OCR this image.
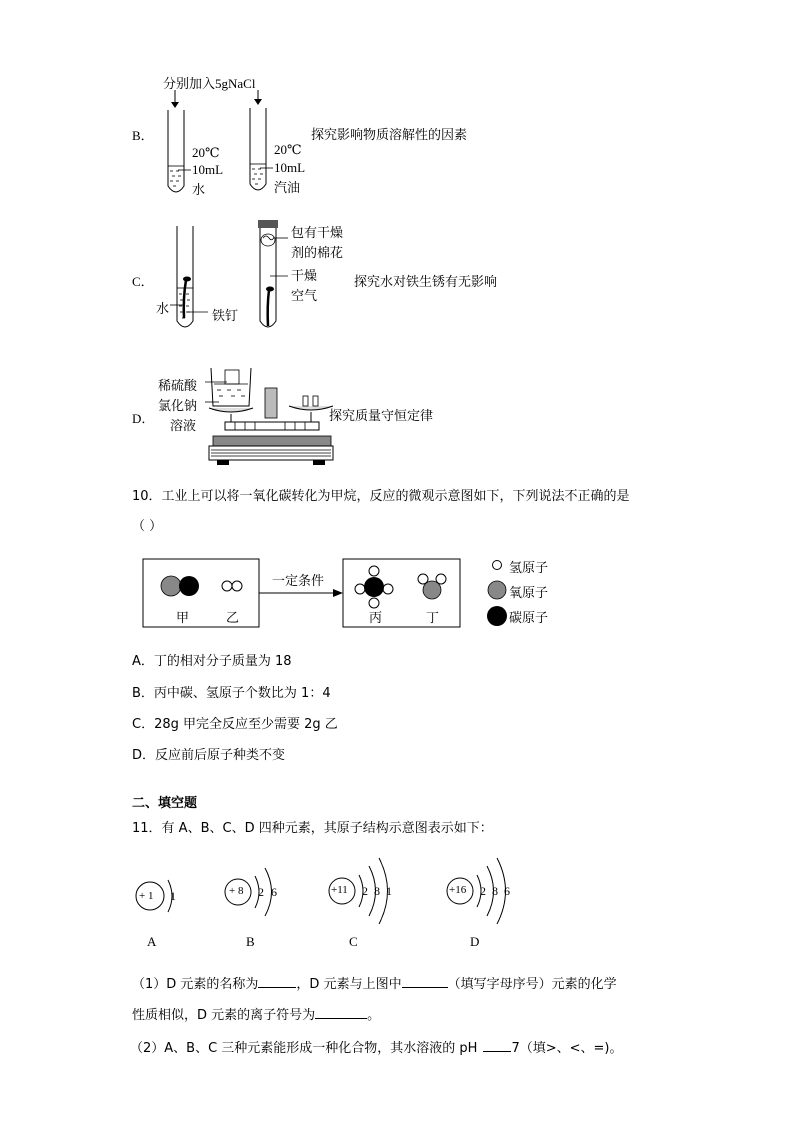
B．
分别加入5gNaCl
20℃
10mL
水
20℃
10mL
汽油
探究影响物质溶解性的因素
C．
水	铁钉
包有干燥
剂的棉花
干燥
空气
探究水对铁生锈有无影响
D．
稀硫酸
氯化钠
溶液
探究质量守恒定律
10．工业上可以将一氧化碳转化为甲烷，反应的微观示意图如下，下列说法不正确的是
（ ）
甲	乙
一定条件
丙	丁
氢原子
氧原子
碳原子
A．丁的相对分子质量为 18
B．丙中碳、氢原子个数比为 1：4
C．28g 甲完全反应至少需要 2g 乙
D．反应前后原子种类不变
二、填空题
11．有 A、B、C、D 四种元素，其原子结构示意图表示如下：
+ 1 1	+ 8 2 6	+11 2 8 1	+16 2 8 6
A	B	C	D
（1）D 元素的名称为	，D 元素与上图中	（填写字母序号）元素的化学
性质相似，D 元素的离子符号为	。
（2）A、B、C 三种元素能形成一种化合物，其水溶液的 pH	7（填>、<、=)。
